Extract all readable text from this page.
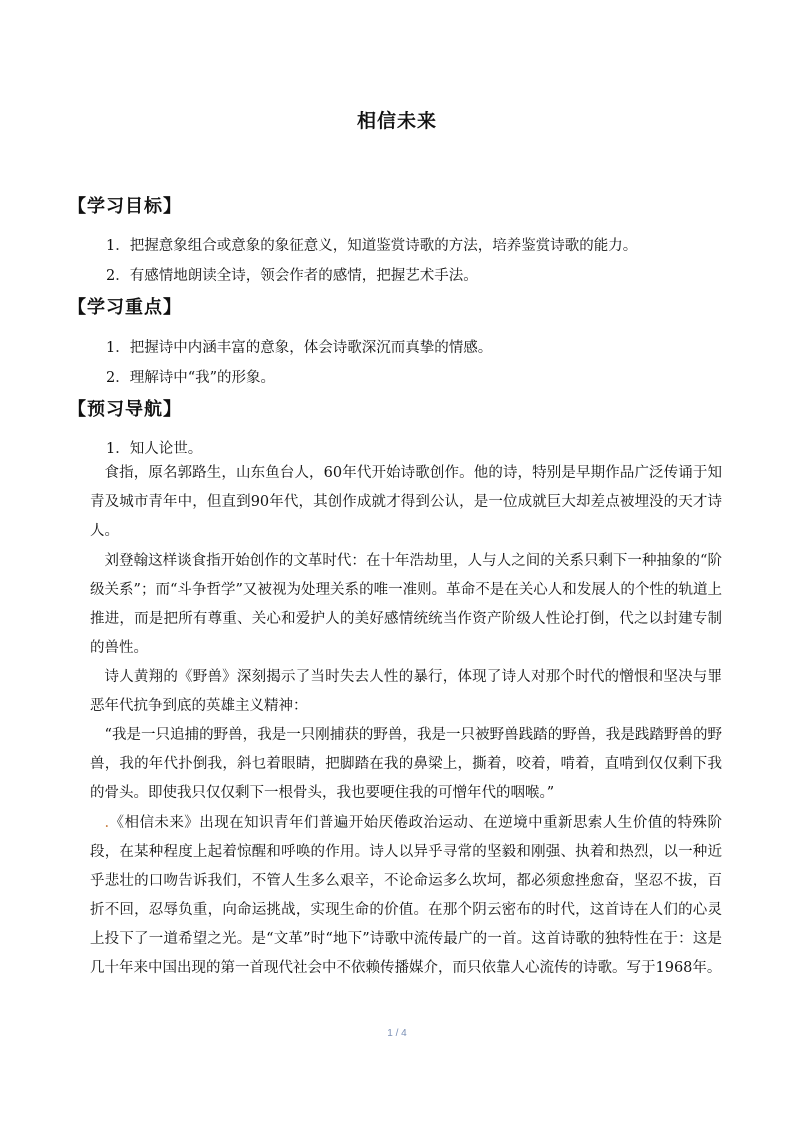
相信未来
【学习目标】
1．把握意象组合或意象的象征意义，知道鉴赏诗歌的方法，培养鉴赏诗歌的能力。
2．有感情地朗读全诗，领会作者的感情，把握艺术手法。
【学习重点】
1．把握诗中内涵丰富的意象，体会诗歌深沉而真挚的情感。
2．理解诗中“我”的形象。
【预习导航】
1．知人论世。
食指，原名郭路生，山东鱼台人，60年代开始诗歌创作。他的诗，特别是早期作品广泛传诵于知青及城市青年中，但直到90年代，其创作成就才得到公认，是一位成就巨大却差点被埋没的天才诗人。
刘登翰这样谈食指开始创作的文革时代：在十年浩劫里，人与人之间的关系只剩下一种抽象的“阶级关系”；而“斗争哲学”又被视为处理关系的唯一准则。革命不是在关心人和发展人的个性的轨道上推进，而是把所有尊重、关心和爱护人的美好感情统统当作资产阶级人性论打倒，代之以封建专制的兽性。
诗人黄翔的《野兽》深刻揭示了当时失去人性的暴行，体现了诗人对那个时代的憎恨和坚决与罪恶年代抗争到底的英雄主义精神：
“我是一只追捕的野兽，我是一只刚捕获的野兽，我是一只被野兽践踏的野兽，我是践踏野兽的野兽，我的年代扑倒我，斜乜着眼睛，把脚踏在我的鼻梁上，撕着，咬着，啃着，直啃到仅仅剩下我的骨头。即使我只仅仅剩下一根骨头，我也要哽住我的可憎年代的咽喉。”
.《相信未来》出现在知识青年们普遍开始厌倦政治运动、在逆境中重新思索人生价值的特殊阶段，在某种程度上起着惊醒和呼唤的作用。诗人以异乎寻常的坚毅和刚强、执着和热烈，以一种近乎悲壮的口吻告诉我们，不管人生多么艰辛，不论命运多么坎坷，都必须愈挫愈奋，坚忍不拔，百折不回，忍辱负重，向命运挑战，实现生命的价值。在那个阴云密布的时代，这首诗在人们的心灵上投下了一道希望之光。是“文革”时“地下”诗歌中流传最广的一首。这首诗歌的独特性在于：这是几十年来中国出现的第一首现代社会中不依赖传播媒介，而只依靠人心流传的诗歌。写于1968年。
1 / 4
